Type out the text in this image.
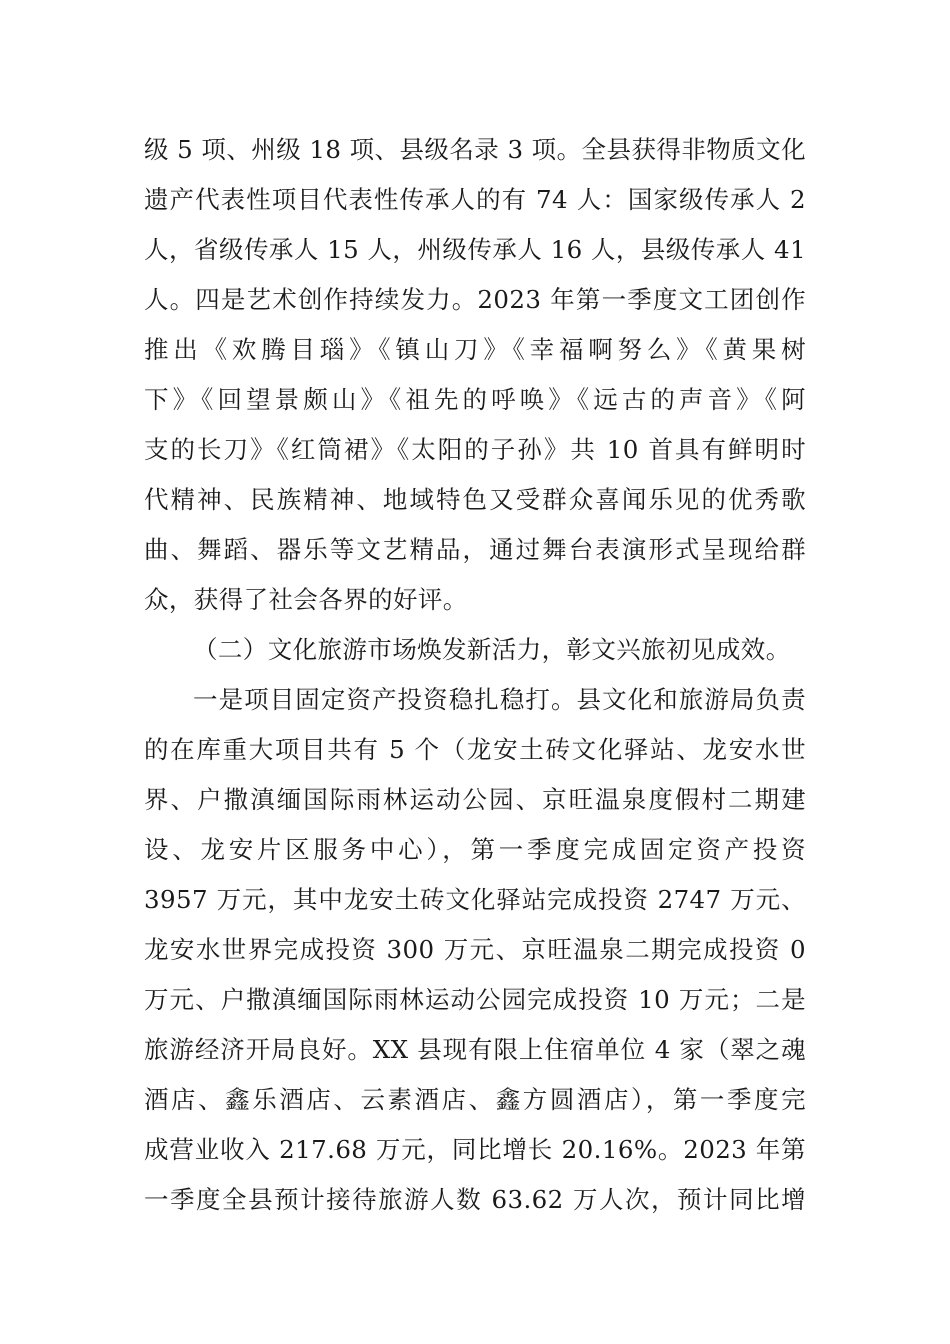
级 5 项、州级 18 项、县级名录 3 项。全县获得非物质文化
遗产代表性项目代表性传承人的有 74 人：国家级传承人 2
人，省级传承人 15 人，州级传承人 16 人，县级传承人 41
人。四是艺术创作持续发力。2023 年第一季度文工团创作
推出《欢腾目瑙》《镇山刀》《幸福啊努么》《黄果树
下》《回望景颇山》《祖先的呼唤》《远古的声音》《阿
支的长刀》《红筒裙》《太阳的子孙》共 10 首具有鲜明时
代精神、民族精神、地域特色又受群众喜闻乐见的优秀歌
曲、舞蹈、器乐等文艺精品，通过舞台表演形式呈现给群
众，获得了社会各界的好评。
（二）文化旅游市场焕发新活力，彰文兴旅初见成效。
一是项目固定资产投资稳扎稳打。县文化和旅游局负责
的在库重大项目共有 5 个（龙安土砖文化驿站、龙安水世
界、户撒滇缅国际雨林运动公园、京旺温泉度假村二期建
设、龙安片区服务中心），第一季度完成固定资产投资
3957 万元，其中龙安土砖文化驿站完成投资 2747 万元、
龙安水世界完成投资 300 万元、京旺温泉二期完成投资 0
万元、户撒滇缅国际雨林运动公园完成投资 10 万元；二是
旅游经济开局良好。XX 县现有限上住宿单位 4 家（翠之魂
酒店、鑫乐酒店、云素酒店、鑫方圆酒店），第一季度完
成营业收入 217.68 万元，同比增长 20.16%。2023 年第
一季度全县预计接待旅游人数 63.62 万人次，预计同比增
